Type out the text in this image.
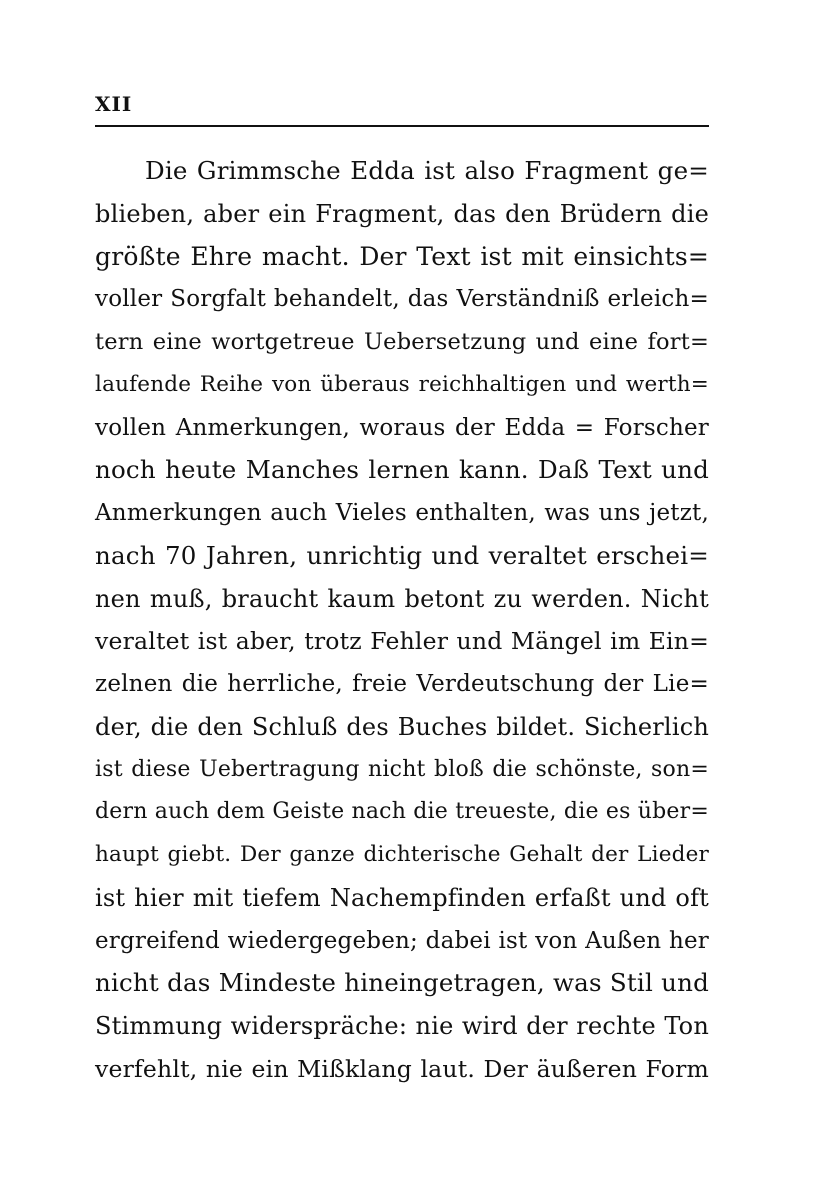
XII
Die Grimmsche Edda ist also Fragment ge=
blieben, aber ein Fragment, das den Brüdern die
größte Ehre macht. Der Text ist mit einsichts=
voller Sorgfalt behandelt, das Verständniß erleich=
tern eine wortgetreue Uebersetzung und eine fort=
laufende Reihe von überaus reichhaltigen und werth=
vollen Anmerkungen, woraus der Edda = Forscher
noch heute Manches lernen kann. Daß Text und
Anmerkungen auch Vieles enthalten, was uns jetzt,
nach 70 Jahren, unrichtig und veraltet erschei=
nen muß, braucht kaum betont zu werden. Nicht
veraltet ist aber, trotz Fehler und Mängel im Ein=
zelnen die herrliche, freie Verdeutschung der Lie=
der, die den Schluß des Buches bildet. Sicherlich
ist diese Uebertragung nicht bloß die schönste, son=
dern auch dem Geiste nach die treueste, die es über=
haupt giebt. Der ganze dichterische Gehalt der Lieder
ist hier mit tiefem Nachempfinden erfaßt und oft
ergreifend wiedergegeben; dabei ist von Außen her
nicht das Mindeste hineingetragen, was Stil und
Stimmung widerspräche: nie wird der rechte Ton
verfehlt, nie ein Mißklang laut. Der äußeren Form
